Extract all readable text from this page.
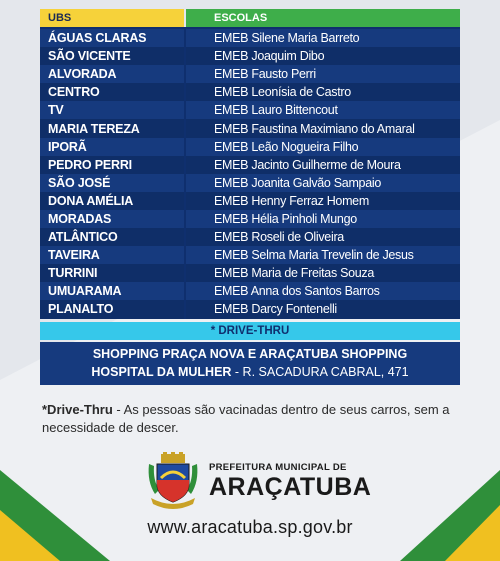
UBS	ESCOLAS
ÁGUAS CLARAS	EMEB Silene Maria Barreto
SÃO VICENTE	EMEB Joaquim Dibo
ALVORADA	EMEB Fausto Perri
CENTRO	EMEB Leonísia de Castro
TV	EMEB Lauro Bittencout
MARIA TEREZA	EMEB Faustina Maximiano do Amaral
IPORÃ	EMEB Leão Nogueira Filho
PEDRO PERRI	EMEB Jacinto Guilherme de Moura
SÃO JOSÉ	EMEB Joanita Galvão Sampaio
DONA AMÉLIA	EMEB Henny Ferraz Homem
MORADAS	EMEB Hélia Pinholi Mungo
ATLÂNTICO	EMEB Roseli de Oliveira
TAVEIRA	EMEB Selma Maria Trevelin de Jesus
TURRINI	EMEB Maria de Freitas Souza
UMUARAMA	EMEB Anna dos Santos Barros
PLANALTO	EMEB Darcy Fontenelli
* DRIVE-THRU
SHOPPING PRAÇA NOVA E ARAÇATUBA SHOPPING
HOSPITAL DA MULHER - R. SACADURA CABRAL, 471
*Drive-Thru - As pessoas são vacinadas dentro de seus carros, sem a necessidade de descer.
PREFEITURA MUNICIPAL DE
ARAÇATUBA
www.aracatuba.sp.gov.br
